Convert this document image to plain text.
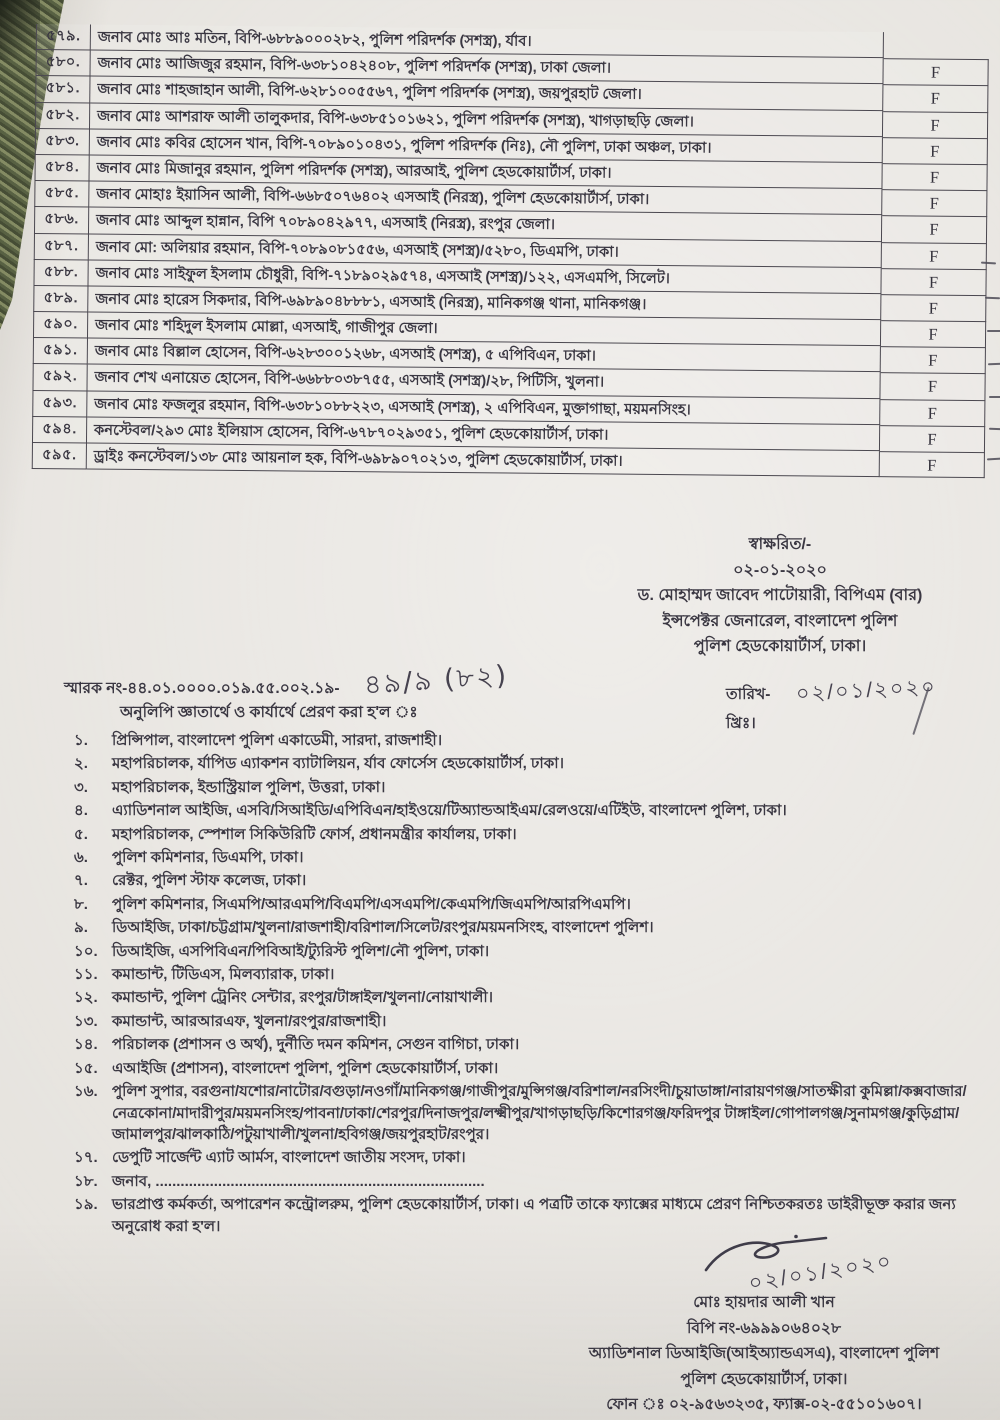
৫৭৯.	জনাব মোঃ আঃ মতিন, বিপি-৬৮৮৯০০০২৮২, পুলিশ পরিদর্শক (সশস্ত্র), র্যাব।
৫৮০.	জনাব মোঃ আজিজুর রহমান, বিপি-৬৩৮১০৪২৪০৮, পুলিশ পরিদর্শক (সশস্ত্র), ঢাকা জেলা।	F
৫৮১.	জনাব মোঃ শাহজাহান আলী, বিপি-৬২৮১০০৫৫৬৭, পুলিশ পরিদর্শক (সশস্ত্র), জয়পুরহাট জেলা।	F
৫৮২.	জনাব মোঃ আশরাফ আলী তালুকদার, বিপি-৬৩৮৫১০১৬২১, পুলিশ পরিদর্শক (সশস্ত্র), খাগড়াছড়ি জেলা।	F
৫৮৩.	জনাব মোঃ কবির হোসেন খান, বিপি-৭০৮৯০১০৪৩১, পুলিশ পরিদর্শক (নিঃ), নৌ পুলিশ, ঢাকা অঞ্চল, ঢাকা।	F
৫৮৪.	জনাব মোঃ মিজানুর রহমান, পুলিশ পরিদর্শক (সশস্ত্র), আরআই, পুলিশ হেডকোয়ার্টার্স, ঢাকা।	F
৫৮৫.	জনাব মোহাঃ ইয়াসিন আলী, বিপি-৬৬৮৫০৭৬৪০২ এসআই (নিরস্ত্র), পুলিশ হেডকোয়ার্টার্স, ঢাকা।	F
৫৮৬.	জনাব মোঃ আব্দুল হান্নান, বিপি ৭০৮৯০৪২৯৭৭, এসআই (নিরস্ত্র), রংপুর জেলা।	F
৫৮৭.	জনাব মো: অলিয়ার রহমান, বিপি-৭০৮৯০৮১৫৫৬, এসআই (সশস্ত্র)/৫২৮০, ডিএমপি, ঢাকা।	F
৫৮৮.	জনাব মোঃ সাইফুল ইসলাম চৌধুরী, বিপি-৭১৮৯০২৯৫৭৪, এসআই (সশস্ত্র)/১২২, এসএমপি, সিলেট।	F
৫৮৯.	জনাব মোঃ হারেস সিকদার, বিপি-৬৯৮৯০৪৮৮৮১, এসআই (নিরস্ত্র), মানিকগঞ্জ থানা, মানিকগঞ্জ।	F
৫৯০.	জনাব মোঃ শহিদুল ইসলাম মোল্লা, এসআই, গাজীপুর জেলা।	F
৫৯১.	জনাব মোঃ বিল্লাল হোসেন, বিপি-৬২৮৩০০১২৬৮, এসআই (সশস্ত্র), ৫ এপিবিএন, ঢাকা।	F
৫৯২.	জনাব শেখ এনায়েত হোসেন, বিপি-৬৬৮৮০৩৮৭৫৫, এসআই (সশস্ত্র)/২৮, পিটিসি, খুলনা।	F
৫৯৩.	জনাব মোঃ ফজলুর রহমান, বিপি-৬৩৮১০৮৮২২৩, এসআই (সশস্ত্র), ২ এপিবিএন, মুক্তাগাছা, ময়মনসিংহ।	F
৫৯৪.	কনস্টেবল/২৯৩ মোঃ ইলিয়াস হোসেন, বিপি-৬৭৮৭০২৯৩৫১, পুলিশ হেডকোয়ার্টার্স, ঢাকা।	F
৫৯৫.	ড্রাইঃ কনস্টেবল/১৩৮ মোঃ আয়নাল হক, বিপি-৬৯৮৯০৭০২১৩, পুলিশ হেডকোয়ার্টার্স, ঢাকা।	F
স্বাক্ষরিত/-
০২-০১-২০২০
ড. মোহাম্মদ জাবেদ পাটোয়ারী, বিপিএম (বার)
ইন্সপেক্টর জেনারেল, বাংলাদেশ পুলিশ
পুলিশ হেডকোয়ার্টার্স, ঢাকা।
স্মারক নং-৪৪.০১.০০০০.০১৯.৫৫.০০২.১৯- ৪৯/৯ (৮২)	তারিখ- ০২/০১/২০২০খ্রিঃ।
অনুলিপি জ্ঞাতার্থে ও কার্যার্থে প্রেরণ করা হ'ল ঃ
১.	প্রিন্সিপাল, বাংলাদেশ পুলিশ একাডেমী, সারদা, রাজশাহী।
২.	মহাপরিচালক, র্যাপিড এ্যাকশন ব্যাটালিয়ন, র্যাব ফোর্সেস হেডকোয়ার্টার্স, ঢাকা।
৩.	মহাপরিচালক, ইন্ডাস্ট্রিয়াল পুলিশ, উত্তরা, ঢাকা।
৪.	এ্যাডিশনাল আইজি, এসবি/সিআইডি/এপিবিএন/হাইওয়ে/টিঅ্যান্ডআইএম/রেলওয়ে/এটিইউ, বাংলাদেশ পুলিশ, ঢাকা।
৫.	মহাপরিচালক, স্পেশাল সিকিউরিটি ফোর্স, প্রধানমন্ত্রীর কার্যালয়, ঢাকা।
৬.	পুলিশ কমিশনার, ডিএমপি, ঢাকা।
৭.	রেক্টর, পুলিশ স্টাফ কলেজ, ঢাকা।
৮.	পুলিশ কমিশনার, সিএমপি/আরএমপি/বিএমপি/এসএমপি/কেএমপি/জিএমপি/আরপিএমপি।
৯.	ডিআইজি, ঢাকা/চট্টগ্রাম/খুলনা/রাজশাহী/বরিশাল/সিলেট/রংপুর/ময়মনসিংহ, বাংলাদেশ পুলিশ।
১০. ডিআইজি, এসপিবিএন/পিবিআই/ট্যুরিস্ট পুলিশ/নৌ পুলিশ, ঢাকা।
১১. কমান্ডান্ট, টিডিএস, মিলব্যারাক, ঢাকা।
১২. কমান্ডান্ট, পুলিশ ট্রেনিং সেন্টার, রংপুর/টাঙ্গাইল/খুলনা/নোয়াখালী।
১৩. কমান্ডান্ট, আরআরএফ, খুলনা/রংপুর/রাজশাহী।
১৪. পরিচালক (প্রশাসন ও অর্থ), দুর্নীতি দমন কমিশন, সেগুন বাগিচা, ঢাকা।
১৫. এআইজি (প্রশাসন), বাংলাদেশ পুলিশ, পুলিশ হেডকোয়ার্টার্স, ঢাকা।
১৬. পুলিশ সুপার, বরগুনা/যশোর/নাটোর/বগুড়া/নওগাঁ/মানিকগঞ্জ/গাজীপুর/মুন্সিগঞ্জ/বরিশাল/নরসিংদী/চুয়াডাঙ্গা/নারায়ণগঞ্জ/সাতক্ষীরা কুমিল্লা/কক্সবাজার/নেত্রকোনা/মাদারীপুর/ময়মনসিংহ/পাবনা/ঢাকা/শেরপুর/দিনাজপুর/লক্ষ্মীপুর/খাগড়াছড়ি/কিশোরগঞ্জ/ফরিদপুর টাঙ্গাইল/গোপালগঞ্জ/সুনামগঞ্জ/কুড়িগ্রাম/জামালপুর/ঝালকাঠি/পটুয়াখালী/খুলনা/হবিগঞ্জ/জয়পুরহাট/রংপুর।
১৭. ডেপুটি সার্জেন্ট এ্যাট আর্মস, বাংলাদেশ জাতীয় সংসদ, ঢাকা।
১৮. জনাব, ...............................................................................
১৯. ভারপ্রাপ্ত কর্মকর্তা, অপারেশন কন্ট্রোলরুম, পুলিশ হেডকোয়ার্টার্স, ঢাকা। এ পত্রটি তাকে ফ্যাক্সের মাধ্যমে প্রেরণ নিশ্চিতকরতঃ ডাইরীভূক্ত করার জন্য অনুরোধ করা হ'ল।
০২/০১/২০২০
মোঃ হায়দার আলী খান
বিপি নং-৬৯৯৯০৬৪০২৮
অ্যাডিশনাল ডিআইজি(আইঅ্যান্ডএসএ), বাংলাদেশ পুলিশ
পুলিশ হেডকোয়ার্টার্স, ঢাকা।
ফোন ঃ ০২-৯৫৬৩২৩৫, ফ্যাক্স-০২-৫৫১০১৬০৭।
